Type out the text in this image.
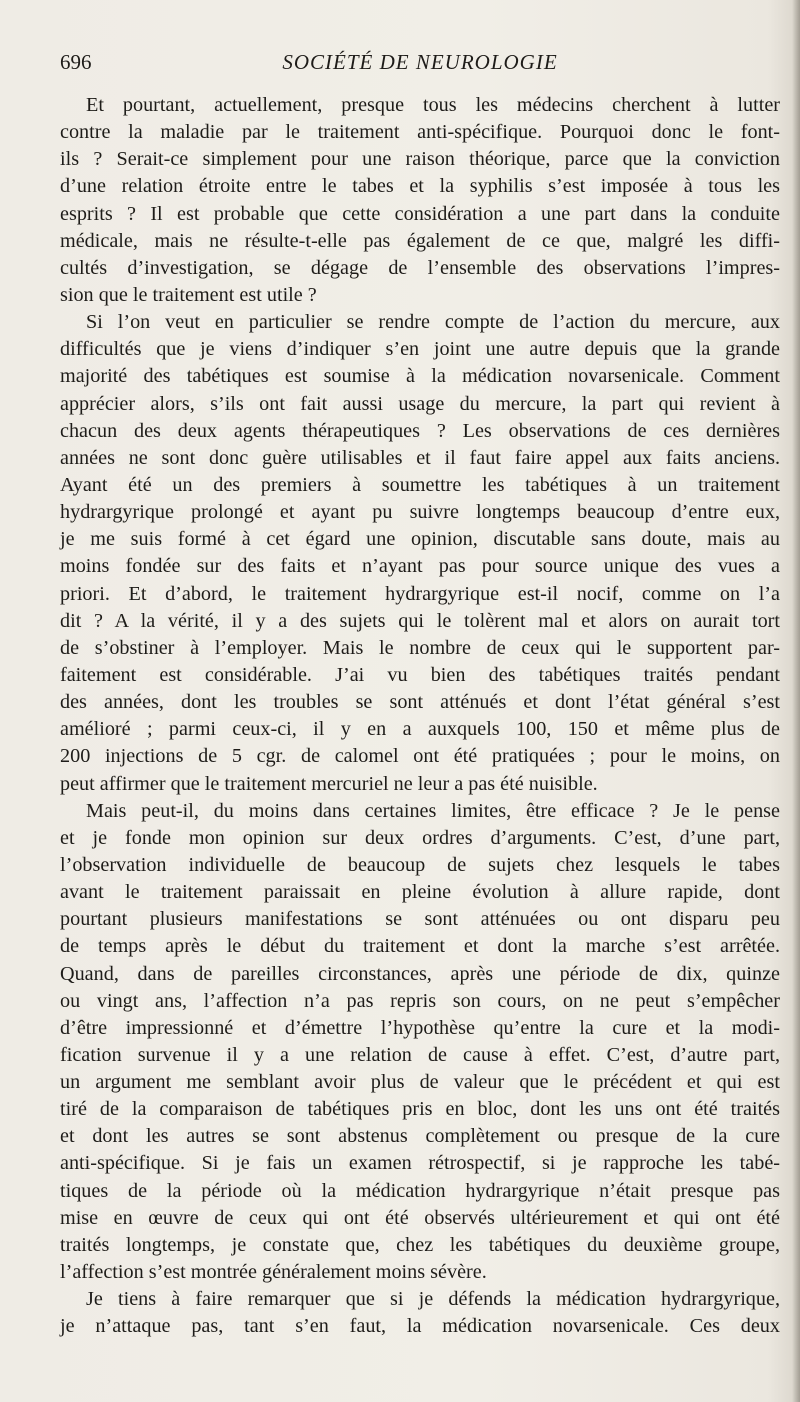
696	SOCIÉTÉ DE NEUROLOGIE
Et pourtant, actuellement, presque tous les médecins cherchent à lutter
contre la maladie par le traitement anti-spécifique. Pourquoi donc le font-
ils ? Serait-ce simplement pour une raison théorique, parce que la conviction
d’une relation étroite entre le tabes et la syphilis s’est imposée à tous les
esprits ? Il est probable que cette considération a une part dans la conduite
médicale, mais ne résulte-t-elle pas également de ce que, malgré les diffi-
cultés d’investigation, se dégage de l’ensemble des observations l’impres-
sion que le traitement est utile ?
Si l’on veut en particulier se rendre compte de l’action du mercure, aux
difficultés que je viens d’indiquer s’en joint une autre depuis que la grande
majorité des tabétiques est soumise à la médication novarsenicale. Comment
apprécier alors, s’ils ont fait aussi usage du mercure, la part qui revient à
chacun des deux agents thérapeutiques ? Les observations de ces dernières
années ne sont donc guère utilisables et il faut faire appel aux faits anciens.
Ayant été un des premiers à soumettre les tabétiques à un traitement
hydrargyrique prolongé et ayant pu suivre longtemps beaucoup d’entre eux,
je me suis formé à cet égard une opinion, discutable sans doute, mais au
moins fondée sur des faits et n’ayant pas pour source unique des vues a
priori. Et d’abord, le traitement hydrargyrique est-il nocif, comme on l’a
dit ? A la vérité, il y a des sujets qui le tolèrent mal et alors on aurait tort
de s’obstiner à l’employer. Mais le nombre de ceux qui le supportent par-
faitement est considérable. J’ai vu bien des tabétiques traités pendant
des années, dont les troubles se sont atténués et dont l’état général s’est
amélioré ; parmi ceux-ci, il y en a auxquels 100, 150 et même plus de
200 injections de 5 cgr. de calomel ont été pratiquées ; pour le moins, on
peut affirmer que le traitement mercuriel ne leur a pas été nuisible.
Mais peut-il, du moins dans certaines limites, être efficace ? Je le pense
et je fonde mon opinion sur deux ordres d’arguments. C’est, d’une part,
l’observation individuelle de beaucoup de sujets chez lesquels le tabes
avant le traitement paraissait en pleine évolution à allure rapide, dont
pourtant plusieurs manifestations se sont atténuées ou ont disparu peu
de temps après le début du traitement et dont la marche s’est arrêtée.
Quand, dans de pareilles circonstances, après une période de dix, quinze
ou vingt ans, l’affection n’a pas repris son cours, on ne peut s’empêcher
d’être impressionné et d’émettre l’hypothèse qu’entre la cure et la modi-
fication survenue il y a une relation de cause à effet. C’est, d’autre part,
un argument me semblant avoir plus de valeur que le précédent et qui est
tiré de la comparaison de tabétiques pris en bloc, dont les uns ont été traités
et dont les autres se sont abstenus complètement ou presque de la cure
anti-spécifique. Si je fais un examen rétrospectif, si je rapproche les tabé-
tiques de la période où la médication hydrargyrique n’était presque pas
mise en œuvre de ceux qui ont été observés ultérieurement et qui ont été
traités longtemps, je constate que, chez les tabétiques du deuxième groupe,
l’affection s’est montrée généralement moins sévère.
Je tiens à faire remarquer que si je défends la médication hydrargyrique,
je n’attaque pas, tant s’en faut, la médication novarsenicale. Ces deux
